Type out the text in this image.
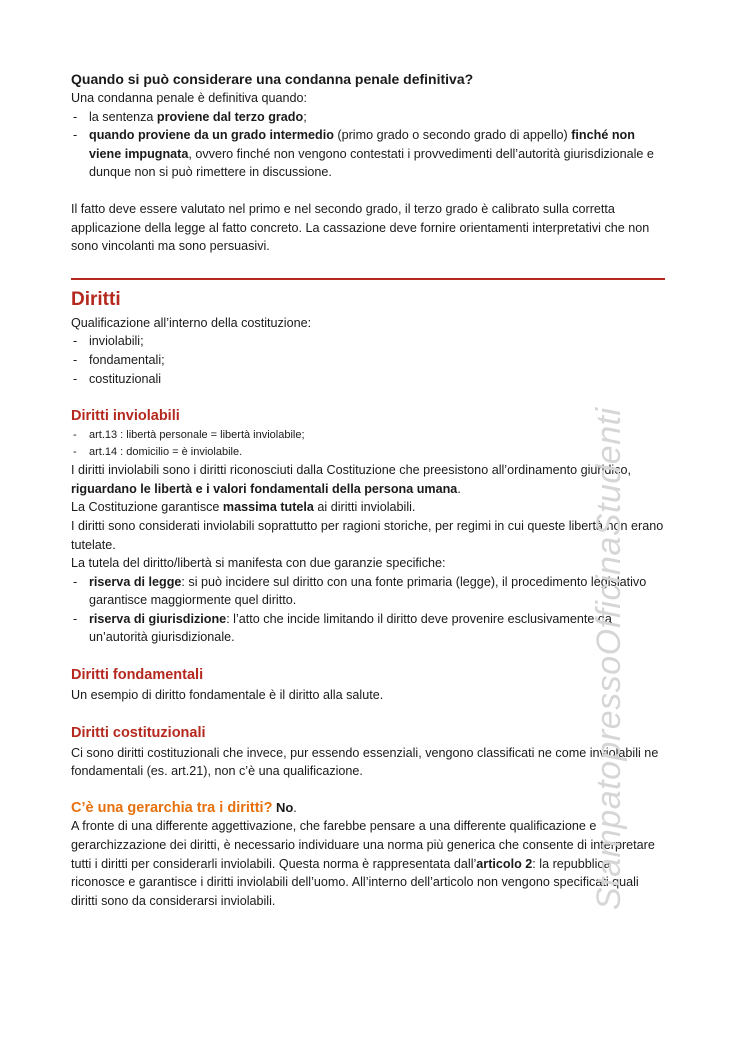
Quando si può considerare una condanna penale definitiva?

Una condanna penale è definitiva quando:

- la sentenza proviene dal terzo grado;
- quando proviene da un grado intermedio (primo grado o secondo grado di appello) finché non viene impugnata, ovvero finché non vengono contestati i provvedimenti dell’autorità giurisdizionale e dunque non si può rimettere in discussione.

Il fatto deve essere valutato nel primo e nel secondo grado, il terzo grado è calibrato sulla corretta applicazione della legge al fatto concreto. La cassazione deve fornire orientamenti interpretativi che non sono vincolanti ma sono persuasivi.

Diritti

Qualificazione all’interno della costituzione:

- inviolabili;
- fondamentali;
- costituzionali
Diritti inviolabili
- art.13 : libertà personale = libertà inviolabile;
- art.14 : domicilio = è inviolabile.

I diritti inviolabili sono i diritti riconosciuti dalla Costituzione che preesistono all’ordinamento giuridico, riguardano le libertà e i valori fondamentali della persona umana.

La Costituzione garantisce massima tutela ai diritti inviolabili.

I diritti sono considerati inviolabili soprattutto per ragioni storiche, per regimi in cui queste libertà non erano tutelate.

La tutela del diritto/libertà si manifesta con due garanzie specifiche:

- riserva di legge: si può incidere sul diritto con una fonte primaria (legge), il procedimento legislativo garantisce maggiormente quel diritto.
- riserva di giurisdizione: l’atto che incide limitando il diritto deve provenire esclusivamente da un’autorità giurisdizionale.
Diritti fondamentali

Un esempio di diritto fondamentale è il diritto alla salute.

Diritti costituzionali

Ci sono diritti costituzionali che invece, pur essendo essenziali, vengono classificati ne come inviolabili ne fondamentali (es. art.21), non c’è una qualificazione.

C’è una gerarchia tra i diritti? No.

A fronte di una differente aggettivazione, che farebbe pensare a una differente qualificazione e gerarchizzazione dei diritti, è necessario individuare una norma più generica che consente di interpretare tutti i diritti per considerarli inviolabili. Questa norma è rappresentata dall’articolo 2: la repubblica riconosce e garantisce i diritti inviolabili dell’uomo. All’interno dell’articolo non vengono specificati quali diritti sono da considerarsi inviolabili.	StampatopressoOfficinaStudenti
